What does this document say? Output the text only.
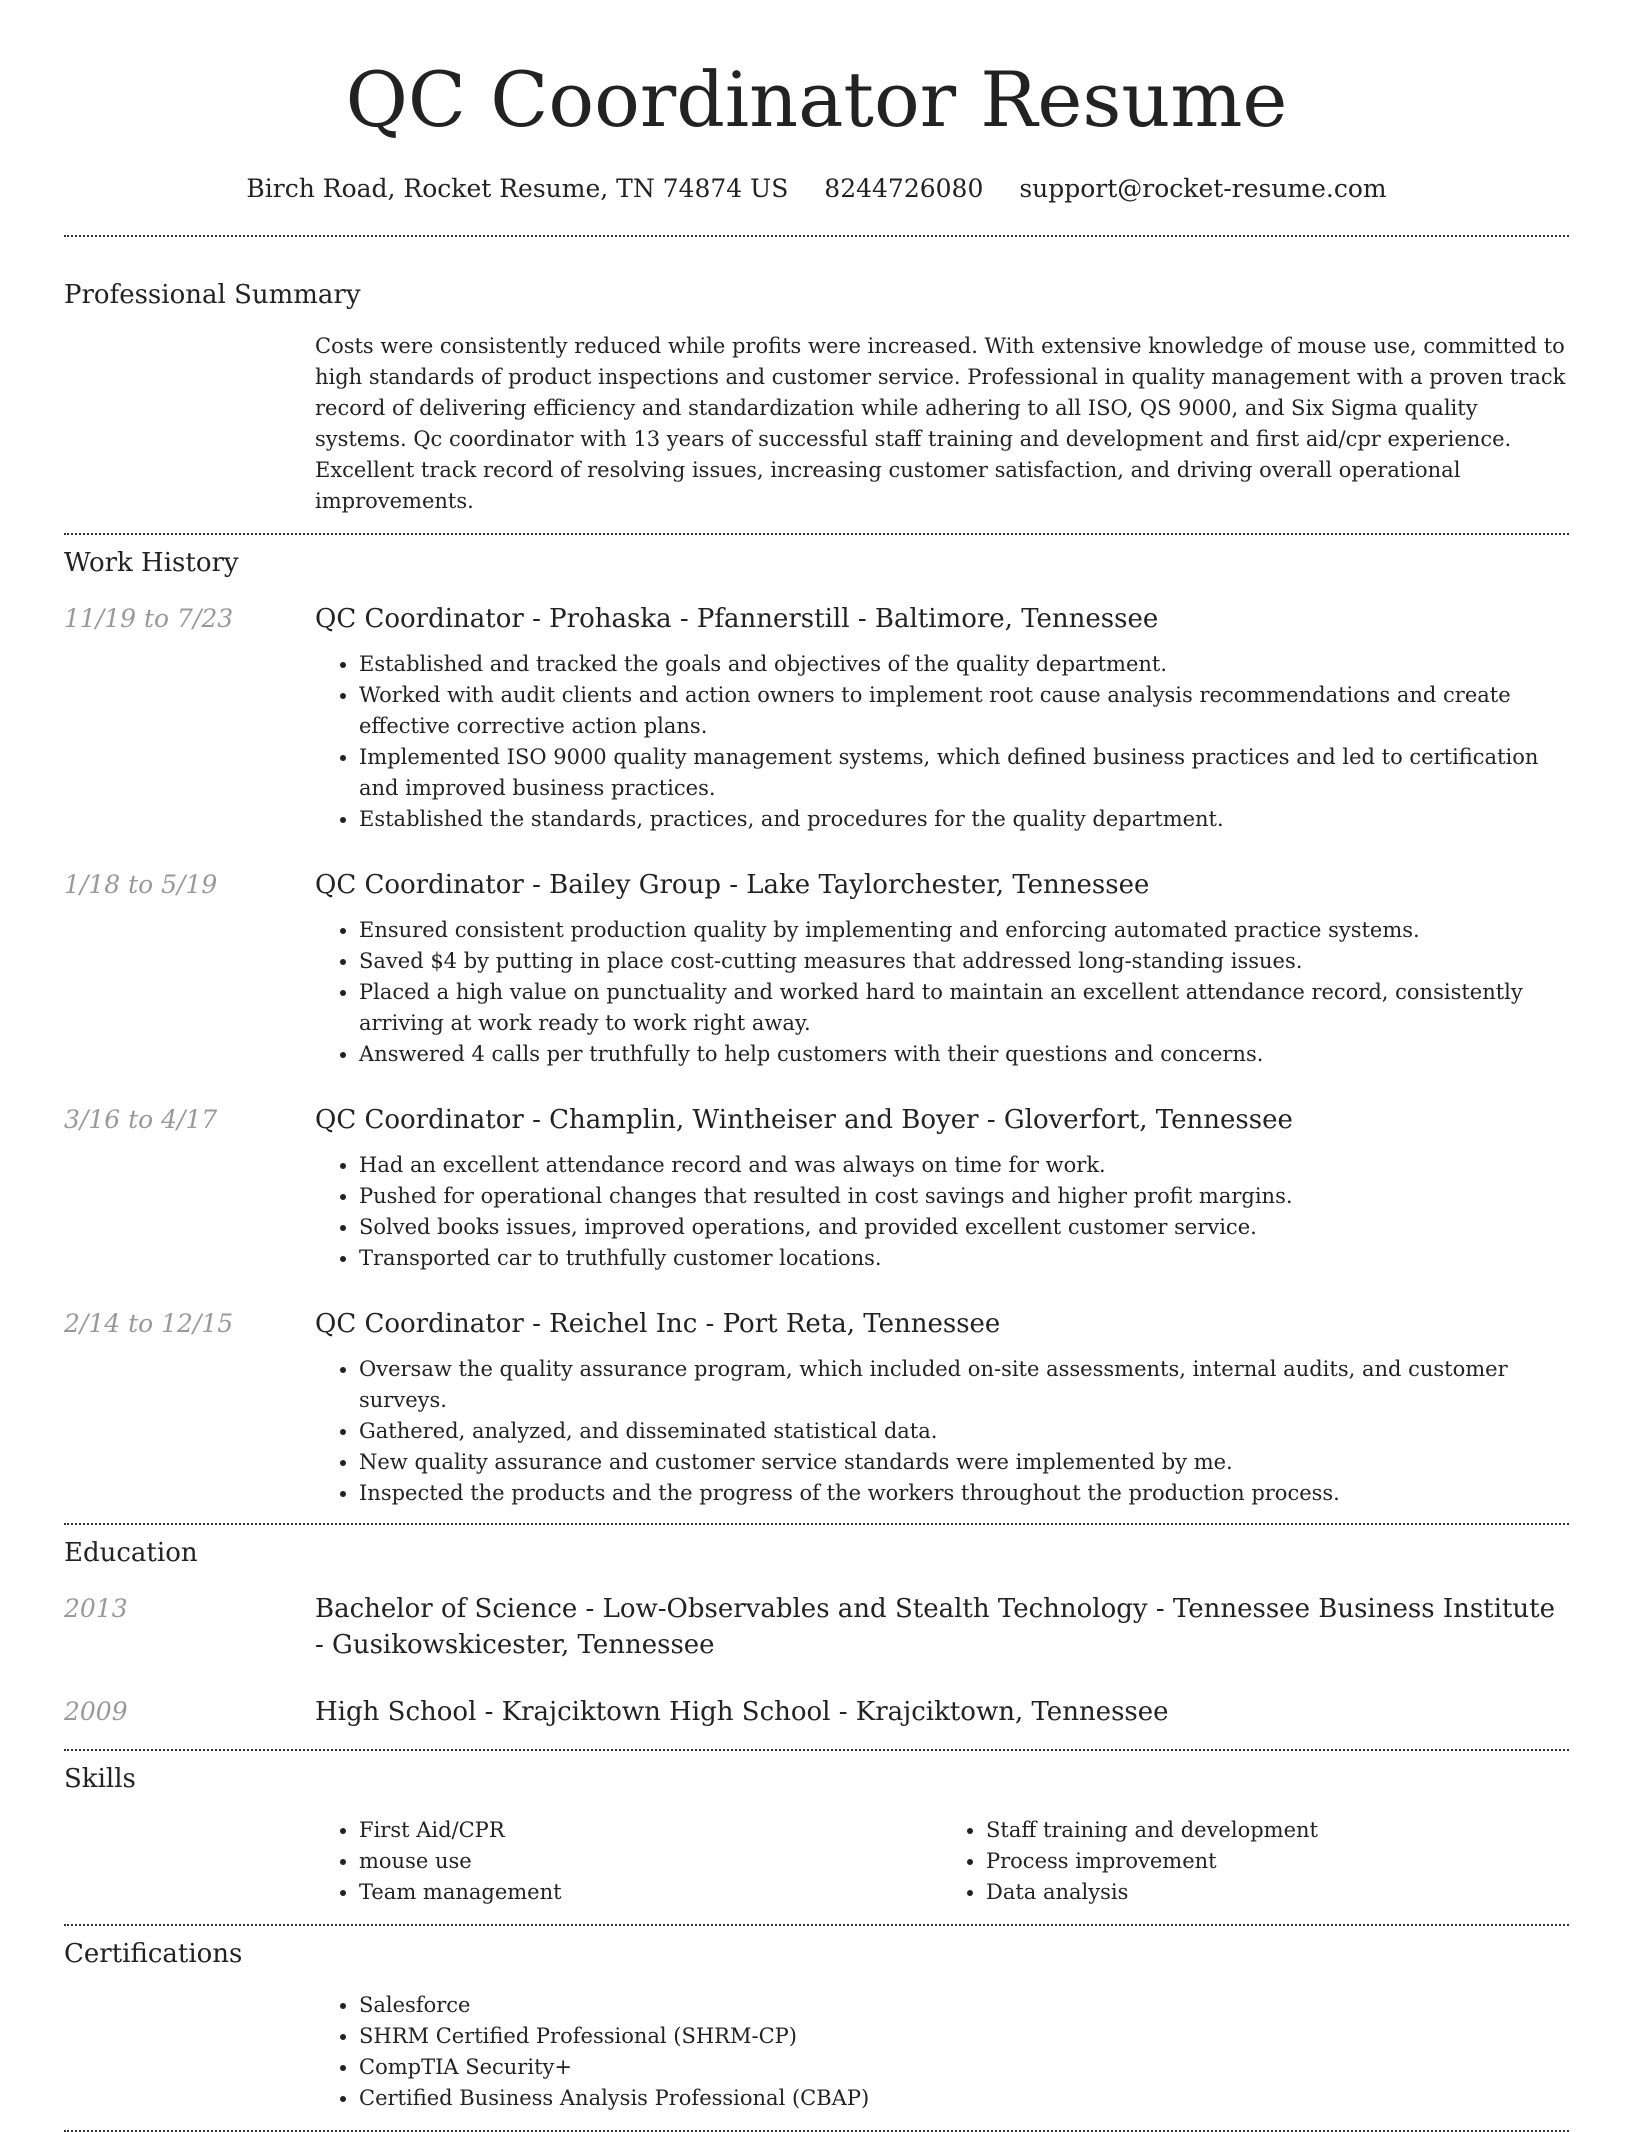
QC Coordinator Resume
Birch Road, Rocket Resume, TN 74874 US 8244726080 support@rocket-resume.com
Professional Summary
Costs were consistently reduced while profits were increased. With extensive knowledge of mouse use, committed to high standards of product inspections and customer service. Professional in quality management with a proven track record of delivering efficiency and standardization while adhering to all ISO, QS 9000, and Six Sigma quality systems. Qc coordinator with 13 years of successful staff training and development and first aid/cpr experience. Excellent track record of resolving issues, increasing customer satisfaction, and driving overall operational improvements.
Work History
11/19 to 7/23	QC Coordinator - Prohaska - Pfannerstill - Baltimore, Tennessee
• Established and tracked the goals and objectives of the quality department.
• Worked with audit clients and action owners to implement root cause analysis recommendations and create effective corrective action plans.
• Implemented ISO 9000 quality management systems, which defined business practices and led to certification and improved business practices.
• Established the standards, practices, and procedures for the quality department.
1/18 to 5/19	QC Coordinator - Bailey Group - Lake Taylorchester, Tennessee
• Ensured consistent production quality by implementing and enforcing automated practice systems.
• Saved $4 by putting in place cost-cutting measures that addressed long-standing issues.
• Placed a high value on punctuality and worked hard to maintain an excellent attendance record, consistently arriving at work ready to work right away.
• Answered 4 calls per truthfully to help customers with their questions and concerns.
3/16 to 4/17	QC Coordinator - Champlin, Wintheiser and Boyer - Gloverfort, Tennessee
• Had an excellent attendance record and was always on time for work.
• Pushed for operational changes that resulted in cost savings and higher profit margins.
• Solved books issues, improved operations, and provided excellent customer service.
• Transported car to truthfully customer locations.
2/14 to 12/15	QC Coordinator - Reichel Inc - Port Reta, Tennessee
• Oversaw the quality assurance program, which included on-site assessments, internal audits, and customer surveys.
• Gathered, analyzed, and disseminated statistical data.
• New quality assurance and customer service standards were implemented by me.
• Inspected the products and the progress of the workers throughout the production process.
Education
2013	Bachelor of Science - Low-Observables and Stealth Technology - Tennessee Business Institute - Gusikowskicester, Tennessee
2009	High School - Krajciktown High School - Krajciktown, Tennessee
Skills
• First Aid/CPR
• mouse use
• Team management
• Staff training and development
• Process improvement
• Data analysis
Certifications
• Salesforce
• SHRM Certified Professional (SHRM-CP)
• CompTIA Security+
• Certified Business Analysis Professional (CBAP)
